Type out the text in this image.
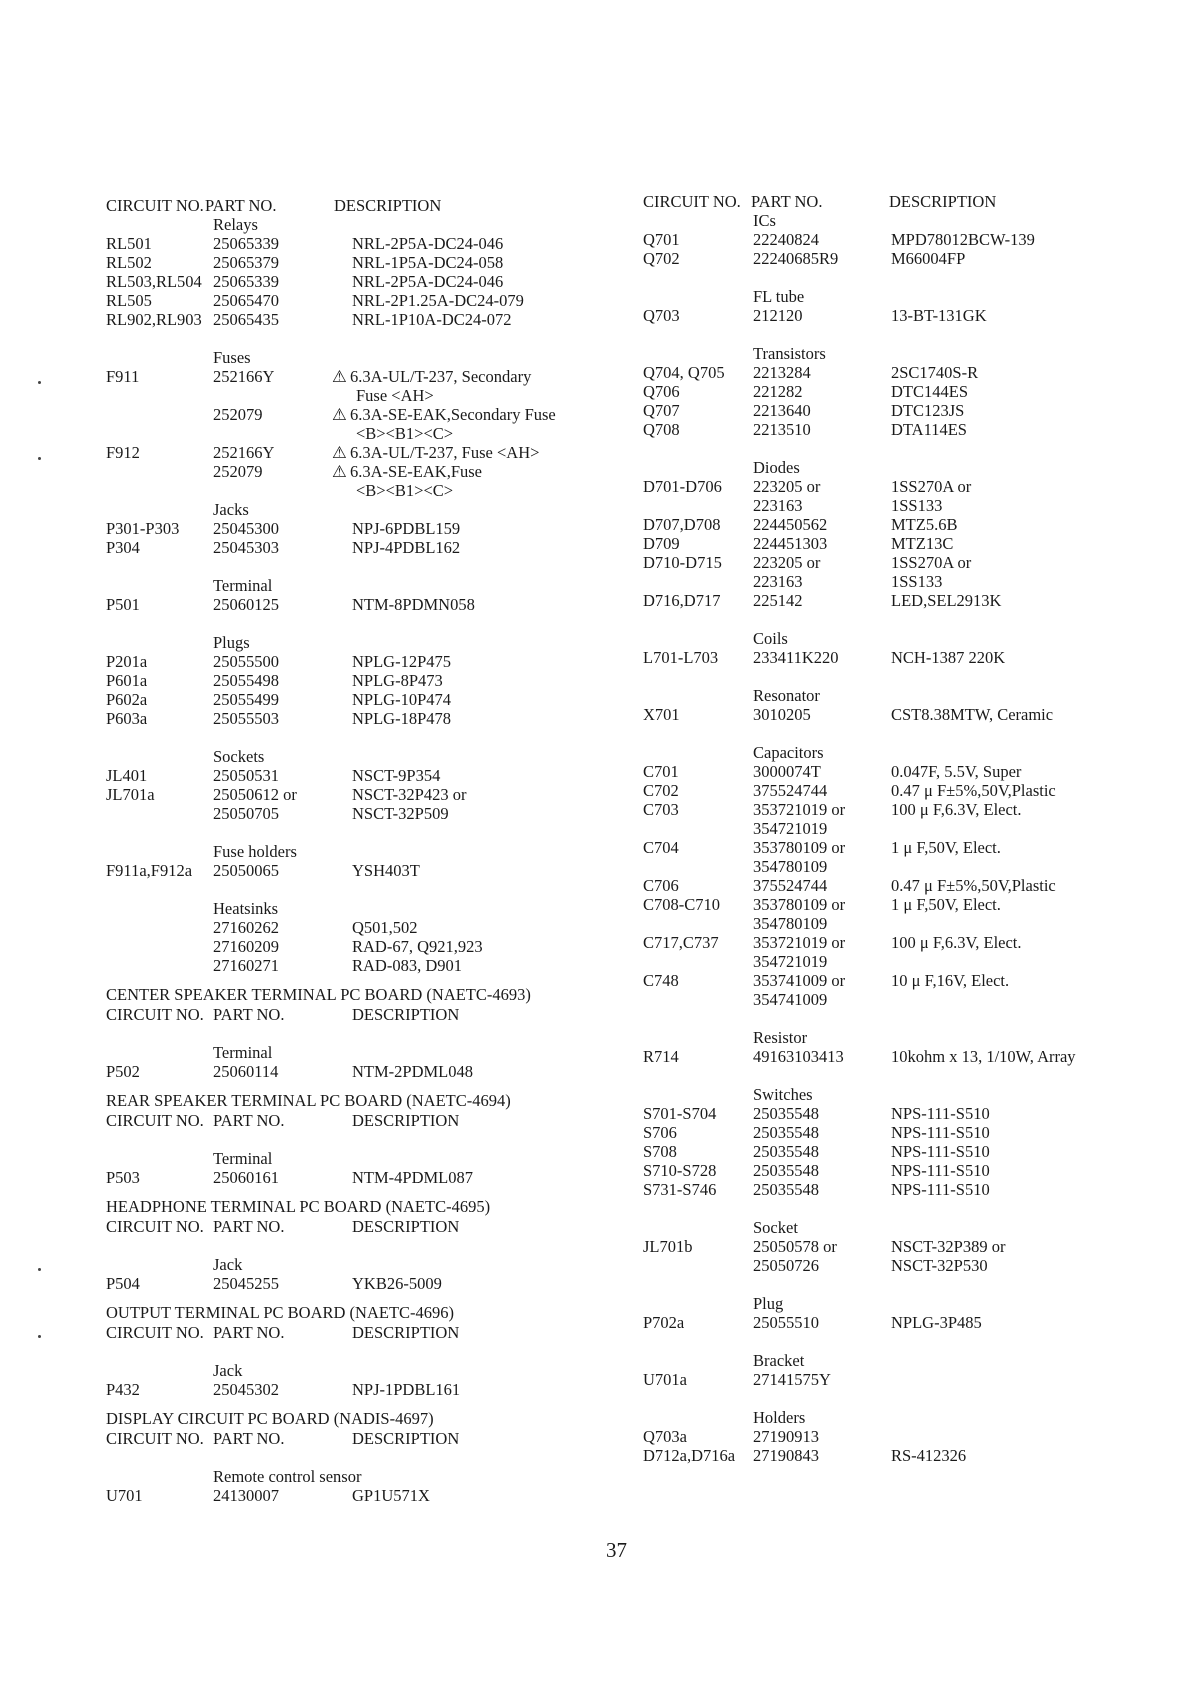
CIRCUIT NO. PART NO.	DESCRIPTION
Relays
RL501	25065339	NRL-2P5A-DC24-046
RL502	25065379	NRL-1P5A-DC24-058
RL503,RL504 25065339	NRL-2P5A-DC24-046
RL505	25065470	NRL-2P1.25A-DC24-079
RL902,RL903 25065435	NRL-1P10A-DC24-072
Fuses
F911	252166Y	⚠ 6.3A-UL/T-237, Secondary
Fuse <AH>
252079	⚠ 6.3A-SE-EAK,Secondary Fuse
<B><B1><C>
F912	252166Y	⚠ 6.3A-UL/T-237, Fuse <AH>
252079	⚠ 6.3A-SE-EAK,Fuse
<B><B1><C>
Jacks
P301-P303 25045300	NPJ-6PDBL159
P304	25045303	NPJ-4PDBL162
Terminal
P501	25060125	NTM-8PDMN058
Plugs
P201a	25055500	NPLG-12P475
P601a	25055498	NPLG-8P473
P602a	25055499	NPLG-10P474
P603a	25055503	NPLG-18P478
Sockets
JL401	25050531	NSCT-9P354
JL701a	25050612 or	NSCT-32P423 or
25050705	NSCT-32P509
Fuse holders
F911a,F912a 25050065	YSH403T
Heatsinks
27160262	Q501,502
27160209	RAD-67, Q921,923
27160271	RAD-083, D901
CENTER SPEAKER TERMINAL PC BOARD (NAETC-4693)
CIRCUIT NO. PART NO.	DESCRIPTION
Terminal
P502	25060114	NTM-2PDML048
REAR SPEAKER TERMINAL PC BOARD (NAETC-4694)
CIRCUIT NO. PART NO.	DESCRIPTION
Terminal
P503	25060161	NTM-4PDML087
HEADPHONE TERMINAL PC BOARD (NAETC-4695)
CIRCUIT NO. PART NO.	DESCRIPTION
Jack
P504	25045255	YKB26-5009
OUTPUT TERMINAL PC BOARD (NAETC-4696)
CIRCUIT NO. PART NO.	DESCRIPTION
Jack
P432	25045302	NPJ-1PDBL161
DISPLAY CIRCUIT PC BOARD (NADIS-4697)
CIRCUIT NO. PART NO.	DESCRIPTION
Remote control sensor
U701	24130007	GP1U571X
CIRCUIT NO. PART NO.	DESCRIPTION
ICs
Q701	22240824	MPD78012BCW-139
Q702	22240685R9	M66004FP
FL tube
Q703	212120	13-BT-131GK
Transistors
Q704, Q705 2213284	2SC1740S-R
Q706	221282	DTC144ES
Q707	2213640	DTC123JS
Q708	2213510	DTA114ES
Diodes
D701-D706 223205 or	1SS270A or
223163	1SS133
D707,D708 224450562	MTZ5.6B
D709	224451303	MTZ13C
D710-D715 223205 or	1SS270A or
223163	1SS133
D716,D717 225142	LED,SEL2913K
Coils
L701-L703 233411K220	NCH-1387 220K
Resonator
X701	3010205	CST8.38MTW, Ceramic
Capacitors
C701	3000074T	0.047F, 5.5V, Super
C702	375524744	0.47 μ F±5%,50V,Plastic
C703	353721019 or	100 μ F,6.3V, Elect.
354721019
C704	353780109 or	1 μ F,50V, Elect.
354780109
C706	375524744	0.47 μ F±5%,50V,Plastic
C708-C710 353780109 or	1 μ F,50V, Elect.
354780109
C717,C737 353721019 or	100 μ F,6.3V, Elect.
354721019
C748	353741009 or	10 μ F,16V, Elect.
354741009
Resistor
R714	49163103413	10kohm x 13, 1/10W, Array
Switches
S701-S704 25035548	NPS-111-S510
S706	25035548	NPS-111-S510
S708	25035548	NPS-111-S510
S710-S728 25035548	NPS-111-S510
S731-S746 25035548	NPS-111-S510
Socket
JL701b	25050578 or	NSCT-32P389 or
25050726	NSCT-32P530
Plug
P702a	25055510	NPLG-3P485
Bracket
U701a	27141575Y
Holders
Q703a	27190913
D712a,D716a 27190843	RS-412326
37
